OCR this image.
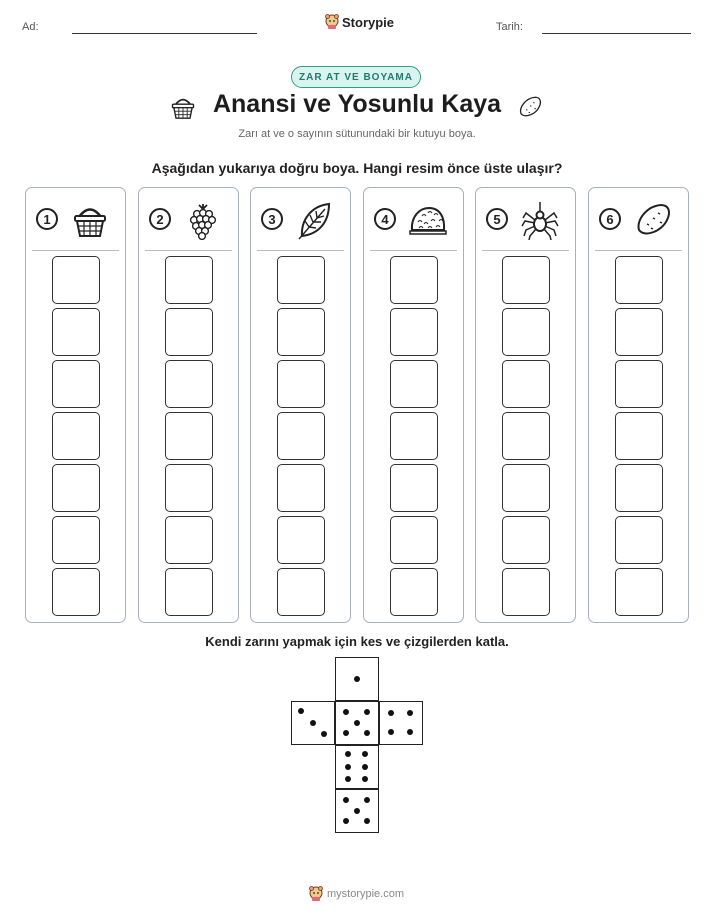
Ad:	Storypie	Tarih:
ZAR AT VE BOYAMA
Anansi ve Yosunlu Kaya
Zarı at ve o sayının sütunundaki bir kutuyu boya.
Aşağıdan yukarıya doğru boya. Hangi resim önce üste ulaşır?
1	2	3	4	5	6
Kendi zarını yapmak için kes ve çizgilerden katla.
mystorypie.com
